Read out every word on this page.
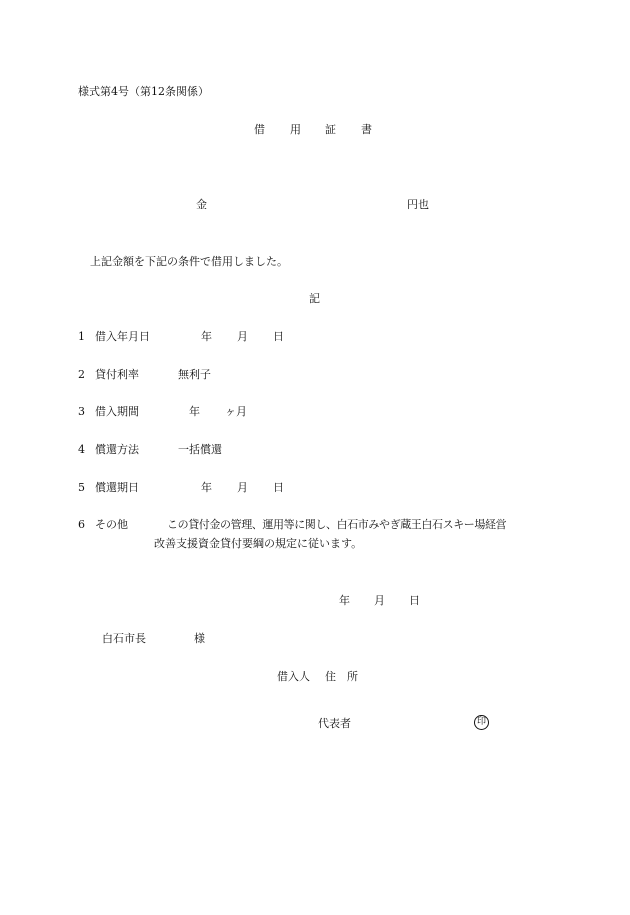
様式第4号（第12条関係）
借 用 証 書
金	円也
上記金額を下記の条件で借用しました。
記
1 借入年月日	年 月 日
2 貸付利率	無利子
3 借入期間	年 ヶ月
4 償還方法	一括償還
5 償還期日	年 月 日
6 その他	この貸付金の管理、運用等に関し、白石市みやぎ蔵王白石スキー場経営
改善支援資金貸付要綱の規定に従います。
年 月 日
白石市長	様
借入人 住　所
代表者	印
